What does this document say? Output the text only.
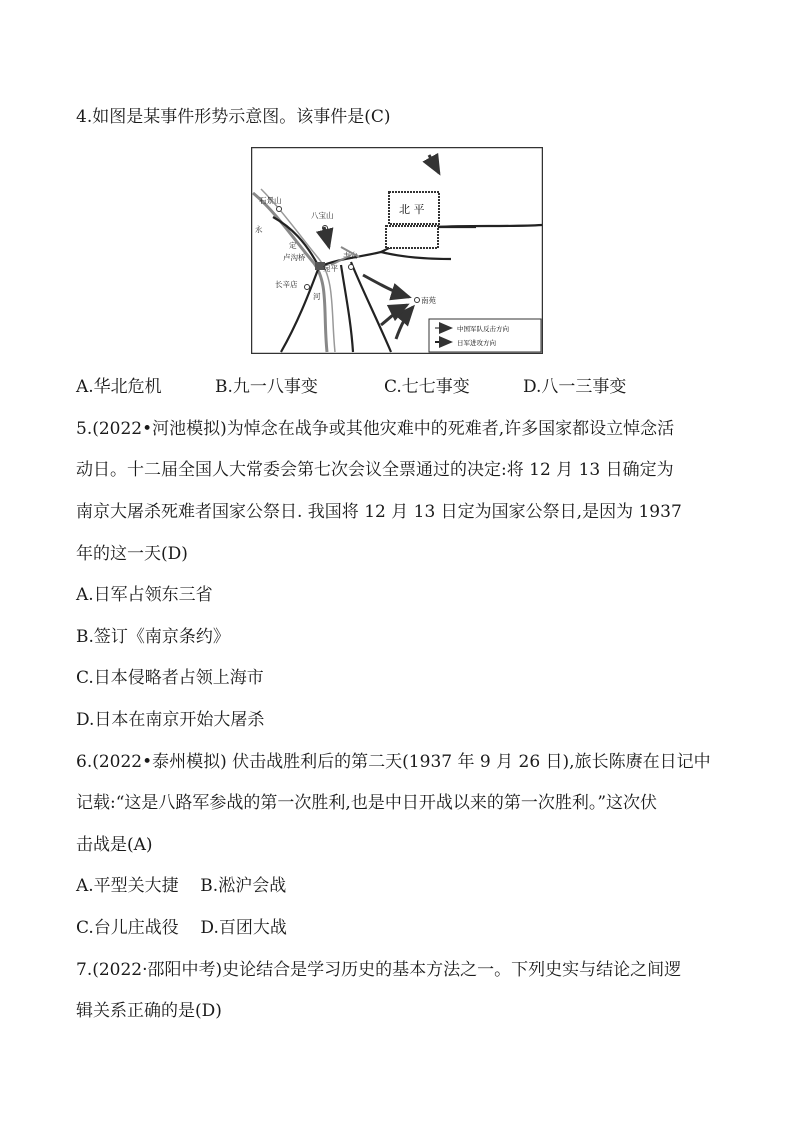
4.如图是某事件形势示意图。该事件是(C)
北 平
石景山
八宝山
永
定
卢沟桥
宛平
丰台
长辛店
河	南苑
中国军队反击方向
日军进攻方向
A.华北危机	B.九一八事变	C.七七事变	D.八一三事变
5.(2022•河池模拟)为悼念在战争或其他灾难中的死难者,许多国家都设立悼念活
动日。十二届全国人大常委会第七次会议全票通过的决定:将 12 月 13 日确定为
南京大屠杀死难者国家公祭日. 我国将 12 月 13 日定为国家公祭日,是因为 1937
年的这一天(D)
A.日军占领东三省
B.签订《南京条约》
C.日本侵略者占领上海市
D.日本在南京开始大屠杀
6.(2022•泰州模拟) 伏击战胜利后的第二天(1937 年 9 月 26 日),旅长陈赓在日记中
记载:“这是八路军参战的第一次胜利,也是中日开战以来的第一次胜利。”这次伏
击战是(A)
A.平型关大捷    B.淞沪会战
C.台儿庄战役    D.百团大战
7.(2022·邵阳中考)史论结合是学习历史的基本方法之一。下列史实与结论之间逻
辑关系正确的是(D)
